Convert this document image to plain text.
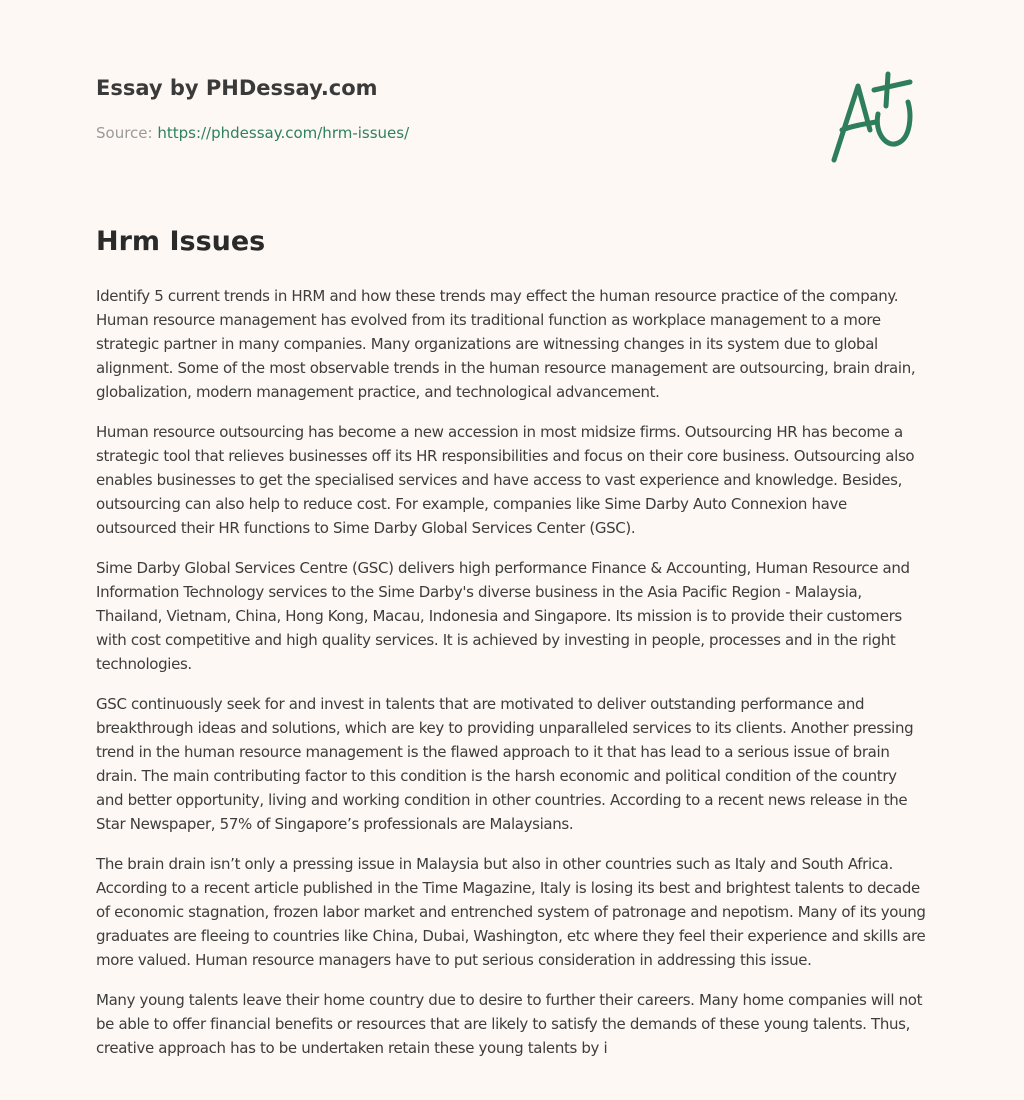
Essay by PHDessay.com
Source: https://phdessay.com/hrm-issues/
Hrm Issues

Identify 5 current trends in HRM and how these trends may effect the human resource practice of the company. Human resource management has evolved from its traditional function as workplace management to a more strategic partner in many companies. Many organizations are witnessing changes in its system due to global alignment. Some of the most observable trends in the human resource management are outsourcing, brain drain, globalization, modern management practice, and technological advancement.

Human resource outsourcing has become a new accession in most midsize firms. Outsourcing HR has become a strategic tool that relieves businesses off its HR responsibilities and focus on their core business. Outsourcing also enables businesses to get the specialised services and have access to vast experience and knowledge. Besides, outsourcing can also help to reduce cost. For example, companies like Sime Darby Auto Connexion have outsourced their HR functions to Sime Darby Global Services Center (GSC).

Sime Darby Global Services Centre (GSC) delivers high performance Finance & Accounting, Human Resource and Information Technology services to the Sime Darby's diverse business in the Asia Pacific Region - Malaysia, Thailand, Vietnam, China, Hong Kong, Macau, Indonesia and Singapore. Its mission is to provide their customers with cost competitive and high quality services. It is achieved by investing in people, processes and in the right technologies.

GSC continuously seek for and invest in talents that are motivated to deliver outstanding performance and breakthrough ideas and solutions, which are key to providing unparalleled services to its clients. Another pressing trend in the human resource management is the flawed approach to it that has lead to a serious issue of brain drain. The main contributing factor to this condition is the harsh economic and political condition of the country and better opportunity, living and working condition in other countries. According to a recent news release in the Star Newspaper, 57% of Singapore’s professionals are Malaysians.

The brain drain isn’t only a pressing issue in Malaysia but also in other countries such as Italy and South Africa. According to a recent article published in the Time Magazine, Italy is losing its best and brightest talents to decade of economic stagnation, frozen labor market and entrenched system of patronage and nepotism. Many of its young graduates are fleeing to countries like China, Dubai, Washington, etc where they feel their experience and skills are more valued. Human resource managers have to put serious consideration in addressing this issue.

Many young talents leave their home country due to desire to further their careers. Many home companies will not be able to offer financial benefits or resources that are likely to satisfy the demands of these young talents. Thus, creative approach has to be undertaken retain these young talents by i
